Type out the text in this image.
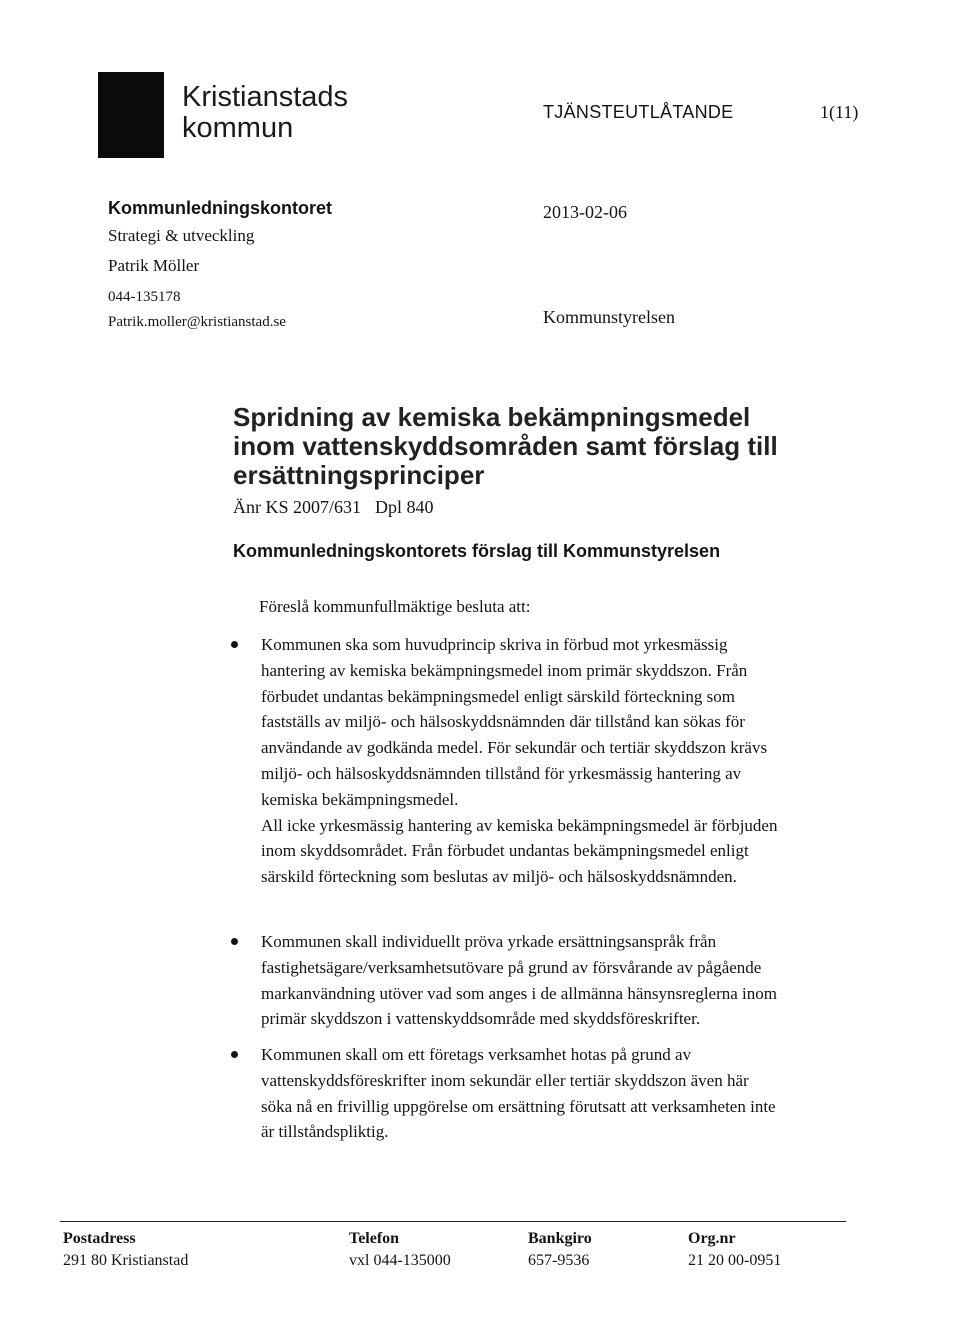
Kristianstads
kommun	TJÄNSTEUTLÅTANDE	1(11)
Kommunledningskontoret
Strategi & utveckling
Patrik Möller
044-135178
Patrik.moller@kristianstad.se
2013-02-06
Kommunstyrelsen
Spridning av kemiska bekämpningsmedel inom vattenskyddsområden samt förslag till ersättningsprinciper
Änr KS 2007/631 Dpl 840
Kommunledningskontorets förslag till Kommunstyrelsen
Föreslå kommunfullmäktige besluta att:

Kommunen ska som huvudprincip skriva in förbud mot yrkesmässig hantering av kemiska bekämpningsmedel inom primär skyddszon. Från förbudet undantas bekämpningsmedel enligt särskild förteckning som fastställs av miljö- och hälsoskyddsnämnden där tillstånd kan sökas för användande av godkända medel. För sekundär och tertiär skyddszon krävs miljö- och hälsoskyddsnämnden tillstånd för yrkesmässig hantering av kemiska bekämpningsmedel.

All icke yrkesmässig hantering av kemiska bekämpningsmedel är förbjuden inom skyddsområdet. Från förbudet undantas bekämpningsmedel enligt särskild förteckning som beslutas av miljö- och hälsoskyddsnämnden.

Kommunen skall individuellt pröva yrkade ersättningsanspråk från fastighetsägare/verksamhetsutövare på grund av försvårande av pågående markanvändning utöver vad som anges i de allmänna hänsynsreglerna inom primär skyddszon i vattenskyddsområde med skyddsföreskrifter.

Kommunen skall om ett företags verksamhet hotas på grund av vattenskyddsföreskrifter inom sekundär eller tertiär skyddszon även här söka nå en frivillig uppgörelse om ersättning förutsatt att verksamheten inte är tillståndspliktig.

Postadress
291 80 Kristianstad
Telefon
vxl 044-135000
Bankgiro
657-9536
Org.nr
21 20 00-0951
